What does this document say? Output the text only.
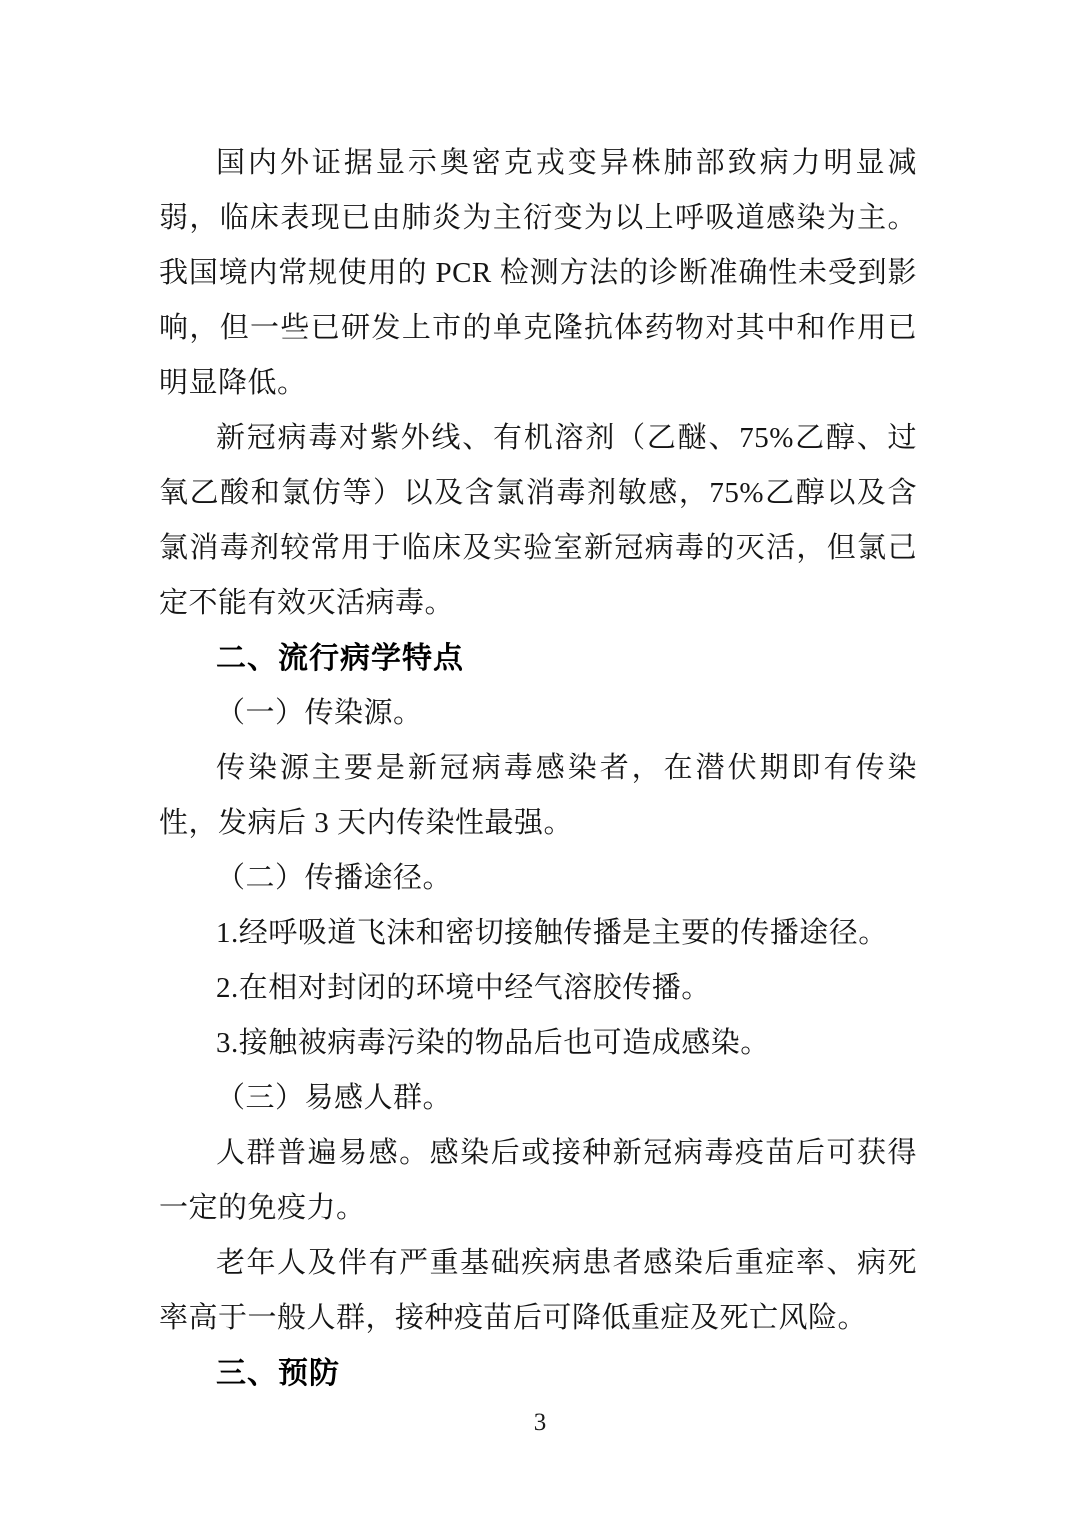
国内外证据显示奥密克戎变异株肺部致病力明显减弱，临床表现已由肺炎为主衍变为以上呼吸道感染为主。我国境内常规使用的 PCR 检测方法的诊断准确性未受到影响，但一些已研发上市的单克隆抗体药物对其中和作用已明显降低。

新冠病毒对紫外线、有机溶剂（乙醚、75%乙醇、过氧乙酸和氯仿等）以及含氯消毒剂敏感，75%乙醇以及含氯消毒剂较常用于临床及实验室新冠病毒的灭活，但氯己定不能有效灭活病毒。

二、流行病学特点

（一）传染源。

传染源主要是新冠病毒感染者，在潜伏期即有传染性，发病后 3 天内传染性最强。

（二）传播途径。

1.经呼吸道飞沫和密切接触传播是主要的传播途径。

2.在相对封闭的环境中经气溶胶传播。

3.接触被病毒污染的物品后也可造成感染。

（三）易感人群。

人群普遍易感。感染后或接种新冠病毒疫苗后可获得一定的免疫力。

老年人及伴有严重基础疾病患者感染后重症率、病死率高于一般人群，接种疫苗后可降低重症及死亡风险。

三、预防

3
